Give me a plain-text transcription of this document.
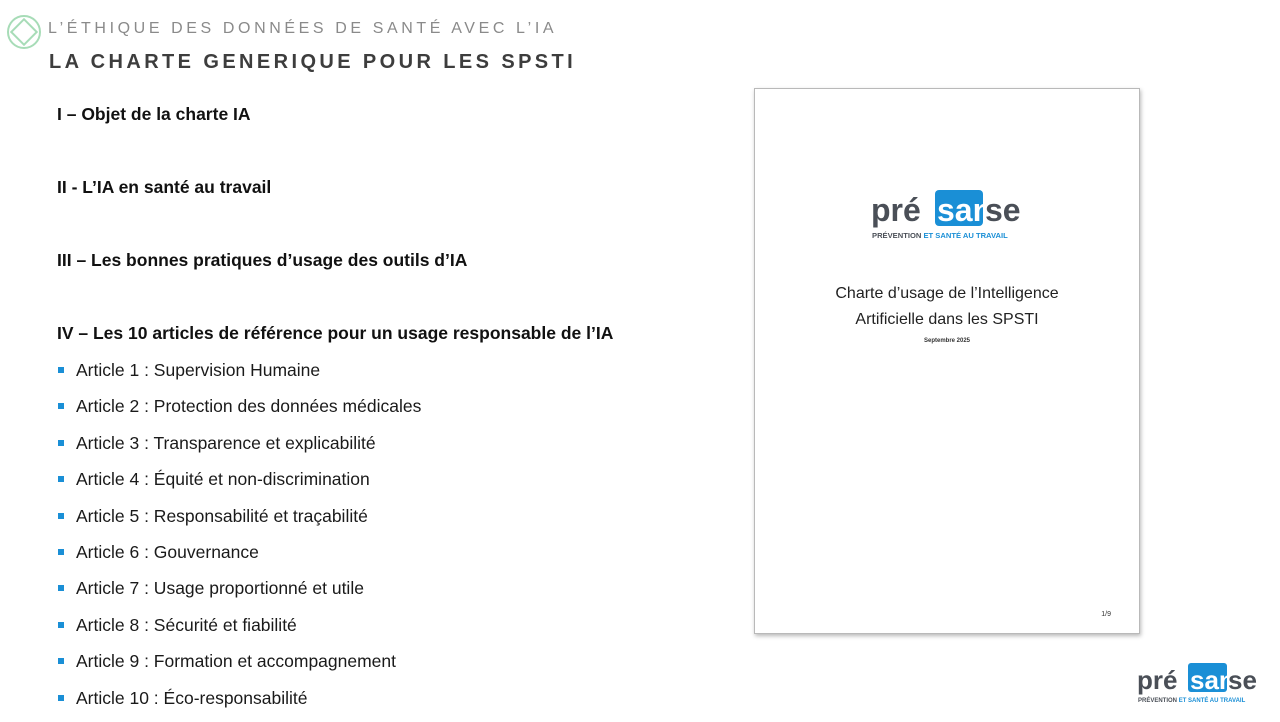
L’ÉTHIQUE DES DONNÉES DE SANTÉ AVEC L’IA
LA CHARTE GENERIQUE POUR LES SPSTI
I – Objet de la charte IA
II - L’IA en santé au travail
III – Les bonnes pratiques d’usage des outils d’IA
IV – Les 10 articles de référence pour un usage responsable de l’IA
Article 1 : Supervision Humaine
Article 2 : Protection des données médicales
Article 3 : Transparence et explicabilité
Article 4 : Équité et non-discrimination
Article 5 : Responsabilité et traçabilité
Article 6 : Gouvernance
Article 7 : Usage proportionné et utile
Article 8 : Sécurité et fiabilité
Article 9 : Formation et accompagnement
Article 10 : Éco-responsabilité
pré san
se
PRÉVENTION ET SANTÉ AU TRAVAIL
Charte d’usage de l’Intelligence
Artificielle dans les SPSTI
Septembre 2025
1/9
pré san
se
PRÉVENTION ET SANTÉ AU TRAVAIL
